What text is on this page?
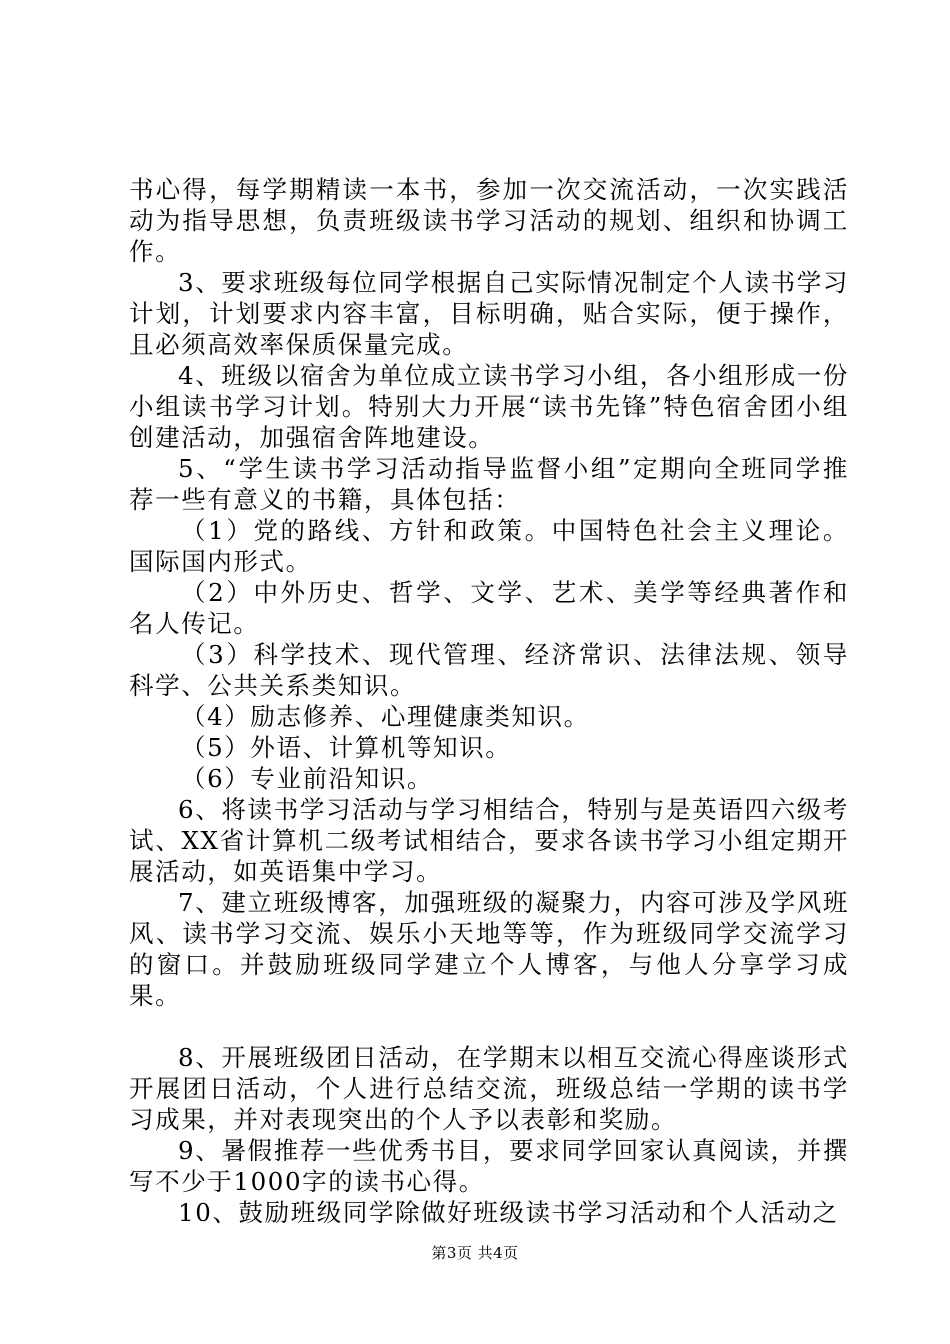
书心得，每学期精读一本书，参加一次交流活动，一次实践活动为指导思想，负责班级读书学习活动的规划、组织和协调工作。

3、要求班级每位同学根据自己实际情况制定个人读书学习计划，计划要求内容丰富，目标明确，贴合实际，便于操作，且必须高效率保质保量完成。

4、班级以宿舍为单位成立读书学习小组，各小组形成一份小组读书学习计划。特别大力开展“读书先锋”特色宿舍团小组创建活动，加强宿舍阵地建设。

5、“学生读书学习活动指导监督小组”定期向全班同学推荐一些有意义的书籍，具体包括：

（1）党的路线、方针和政策。中国特色社会主义理论。国际国内形式。

（2）中外历史、哲学、文学、艺术、美学等经典著作和名人传记。

（3）科学技术、现代管理、经济常识、法律法规、领导科学、公共关系类知识。

（4）励志修养、心理健康类知识。

（5）外语、计算机等知识。

（6）专业前沿知识。

6、将读书学习活动与学习相结合，特别与是英语四六级考试、XX省计算机二级考试相结合，要求各读书学习小组定期开展活动，如英语集中学习。

7、建立班级博客，加强班级的凝聚力，内容可涉及学风班风、读书学习交流、娱乐小天地等等，作为班级同学交流学习的窗口。并鼓励班级同学建立个人博客，与他人分享学习成果。

8、开展班级团日活动，在学期末以相互交流心得座谈形式开展团日活动，个人进行总结交流，班级总结一学期的读书学习成果，并对表现突出的个人予以表彰和奖励。

9、暑假推荐一些优秀书目，要求同学回家认真阅读，并撰写不少于1000字的读书心得。

10、鼓励班级同学除做好班级读书学习活动和个人活动之

第3页 共4页
